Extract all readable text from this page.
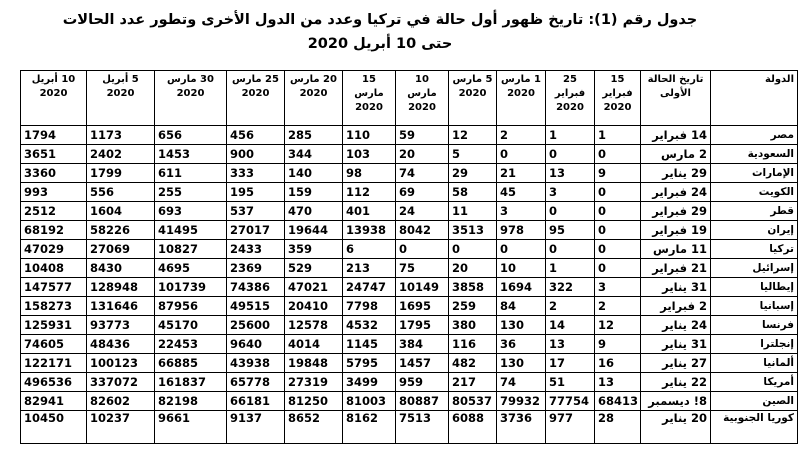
جدول رقم (1): تاريخ ظهور أول حالة في تركيا وعدد من الدول الأخرى وتطور عدد الحالات
حتى 10 أبريل 2020
الدولة	تاريخ الحالة الأولى	15 فبراير 2020	25 فبراير 2020	1 مارس 2020	5 مارس 2020	10 مارس 2020	15 مارس 2020	20 مارس 2020	25 مارس 2020	30 مارس 2020	5 أبريل 2020	10 أبريل 2020

مصر	14 فبراير	1	1	2	12	59	110	285	456	656	1173	1794
السعودية	2 مارس	0	0	0	5	20	103	344	900	1453	2402	3651
الإمارات	29 يناير	9	13	21	29	74	98	140	333	611	1799	3360
الكويت	24 فبراير	0	3	45	58	69	112	159	195	255	556	993
قطر	29 فبراير	0	0	3	11	24	401	470	537	693	1604	2512
إيران	19 فبراير	0	95	978	3513	8042	13938	19644	27017	41495	58226	68192
تركيا	11 مارس	0	0	0	0	0	6	359	2433	10827	27069	47029
إسرائيل	21 فبراير	0	1	10	20	75	213	529	2369	4695	8430	10408
إيطاليا	31 يناير	3	322	1694	3858	10149	24747	47021	74386	101739	128948	147577
إسبانيا	2 فبراير	2	2	84	259	1695	7798	20410	49515	87956	131646	158273
فرنسا	24 يناير	12	14	130	380	1795	4532	12578	25600	45170	93773	125931
إنجلترا	31 يناير	9	13	36	116	384	1145	4014	9640	22453	48436	74605
ألمانيا	27 يناير	16	17	130	482	1457	5795	19848	43938	66885	100123	122171
أمريكا	22 يناير	13	51	74	217	959	3499	27319	65778	161837	337072	496536
الصين	8! ديسمبر	68413	77754	79932	80537	80887	81003	81250	66181	82198	82602	82941
كوريا الجنوبية	20 يناير	28	977	3736	6088	7513	8162	8652	9137	9661	10237	10450
